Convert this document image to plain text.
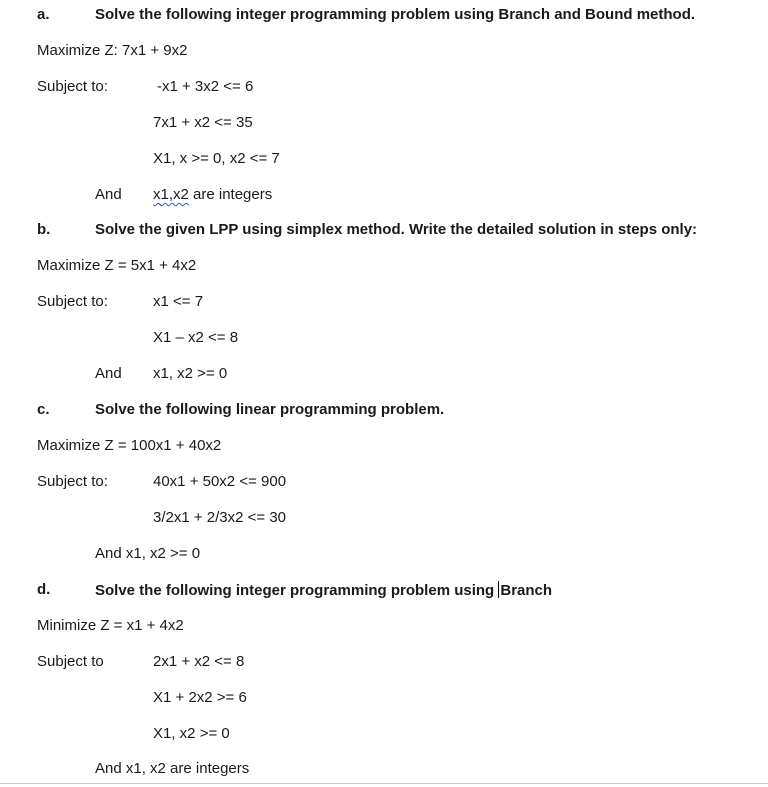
a.	Solve the following integer programming problem using Branch and Bound method.
Maximize Z: 7x1 + 9x2
Subject to:	-x1 + 3x2 <= 6
7x1 + x2 <= 35
X1, x >= 0, x2 <= 7
And x1,x2 are integers
b.	Solve the given LPP using simplex method. Write the detailed solution in steps only:
Maximize Z = 5x1 + 4x2
Subject to:	x1 <= 7
X1 – x2 <= 8
And x1, x2 >= 0
c.	Solve the following linear programming problem.
Maximize Z = 100x1 + 40x2
Subject to:	40x1 + 50x2 <= 900
3/2x1 + 2/3x2 <= 30
And x1, x2 >= 0
d.	Solve the following integer programming problem using Branch
Minimize Z = x1 + 4x2
Subject to	2x1 + x2 <= 8
X1 + 2x2 >= 6
X1, x2 >= 0
And x1, x2 are integers
